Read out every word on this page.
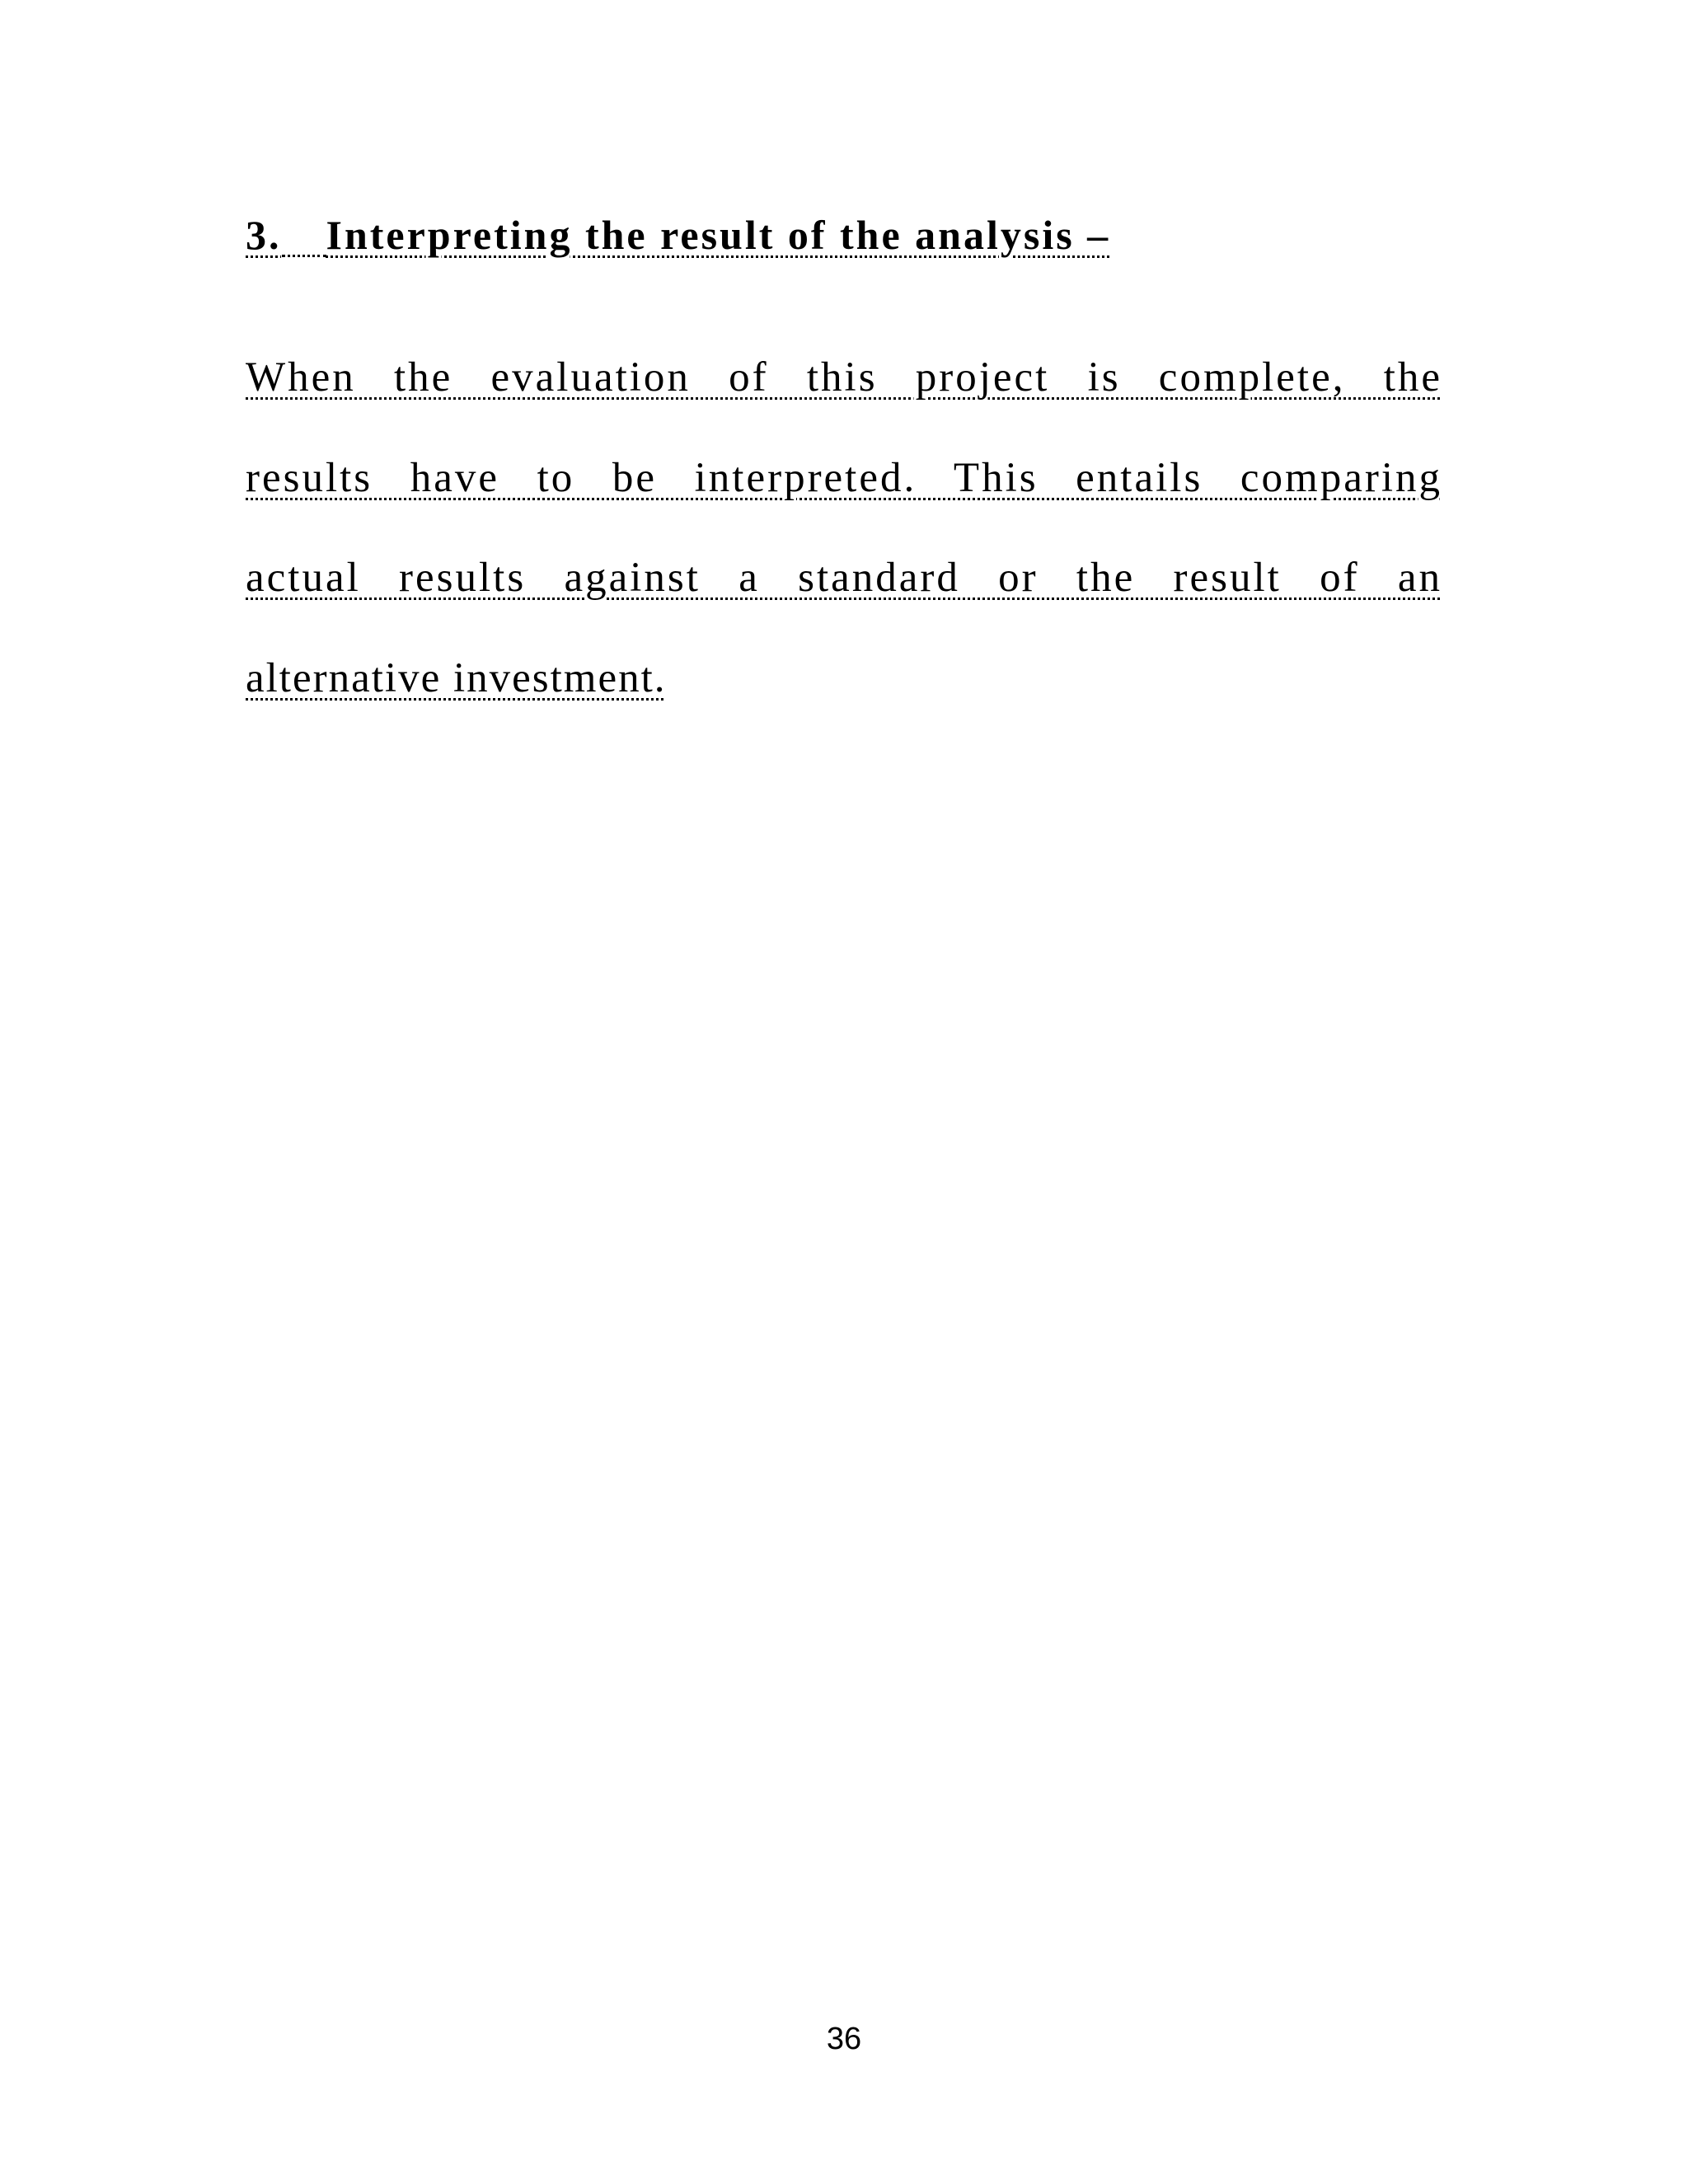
3. Interpreting the result of the analysis –

When the evaluation of this project is complete, the

results have to be interpreted. This entails comparing

actual results against a standard or the result of an

alternative investment.

36
